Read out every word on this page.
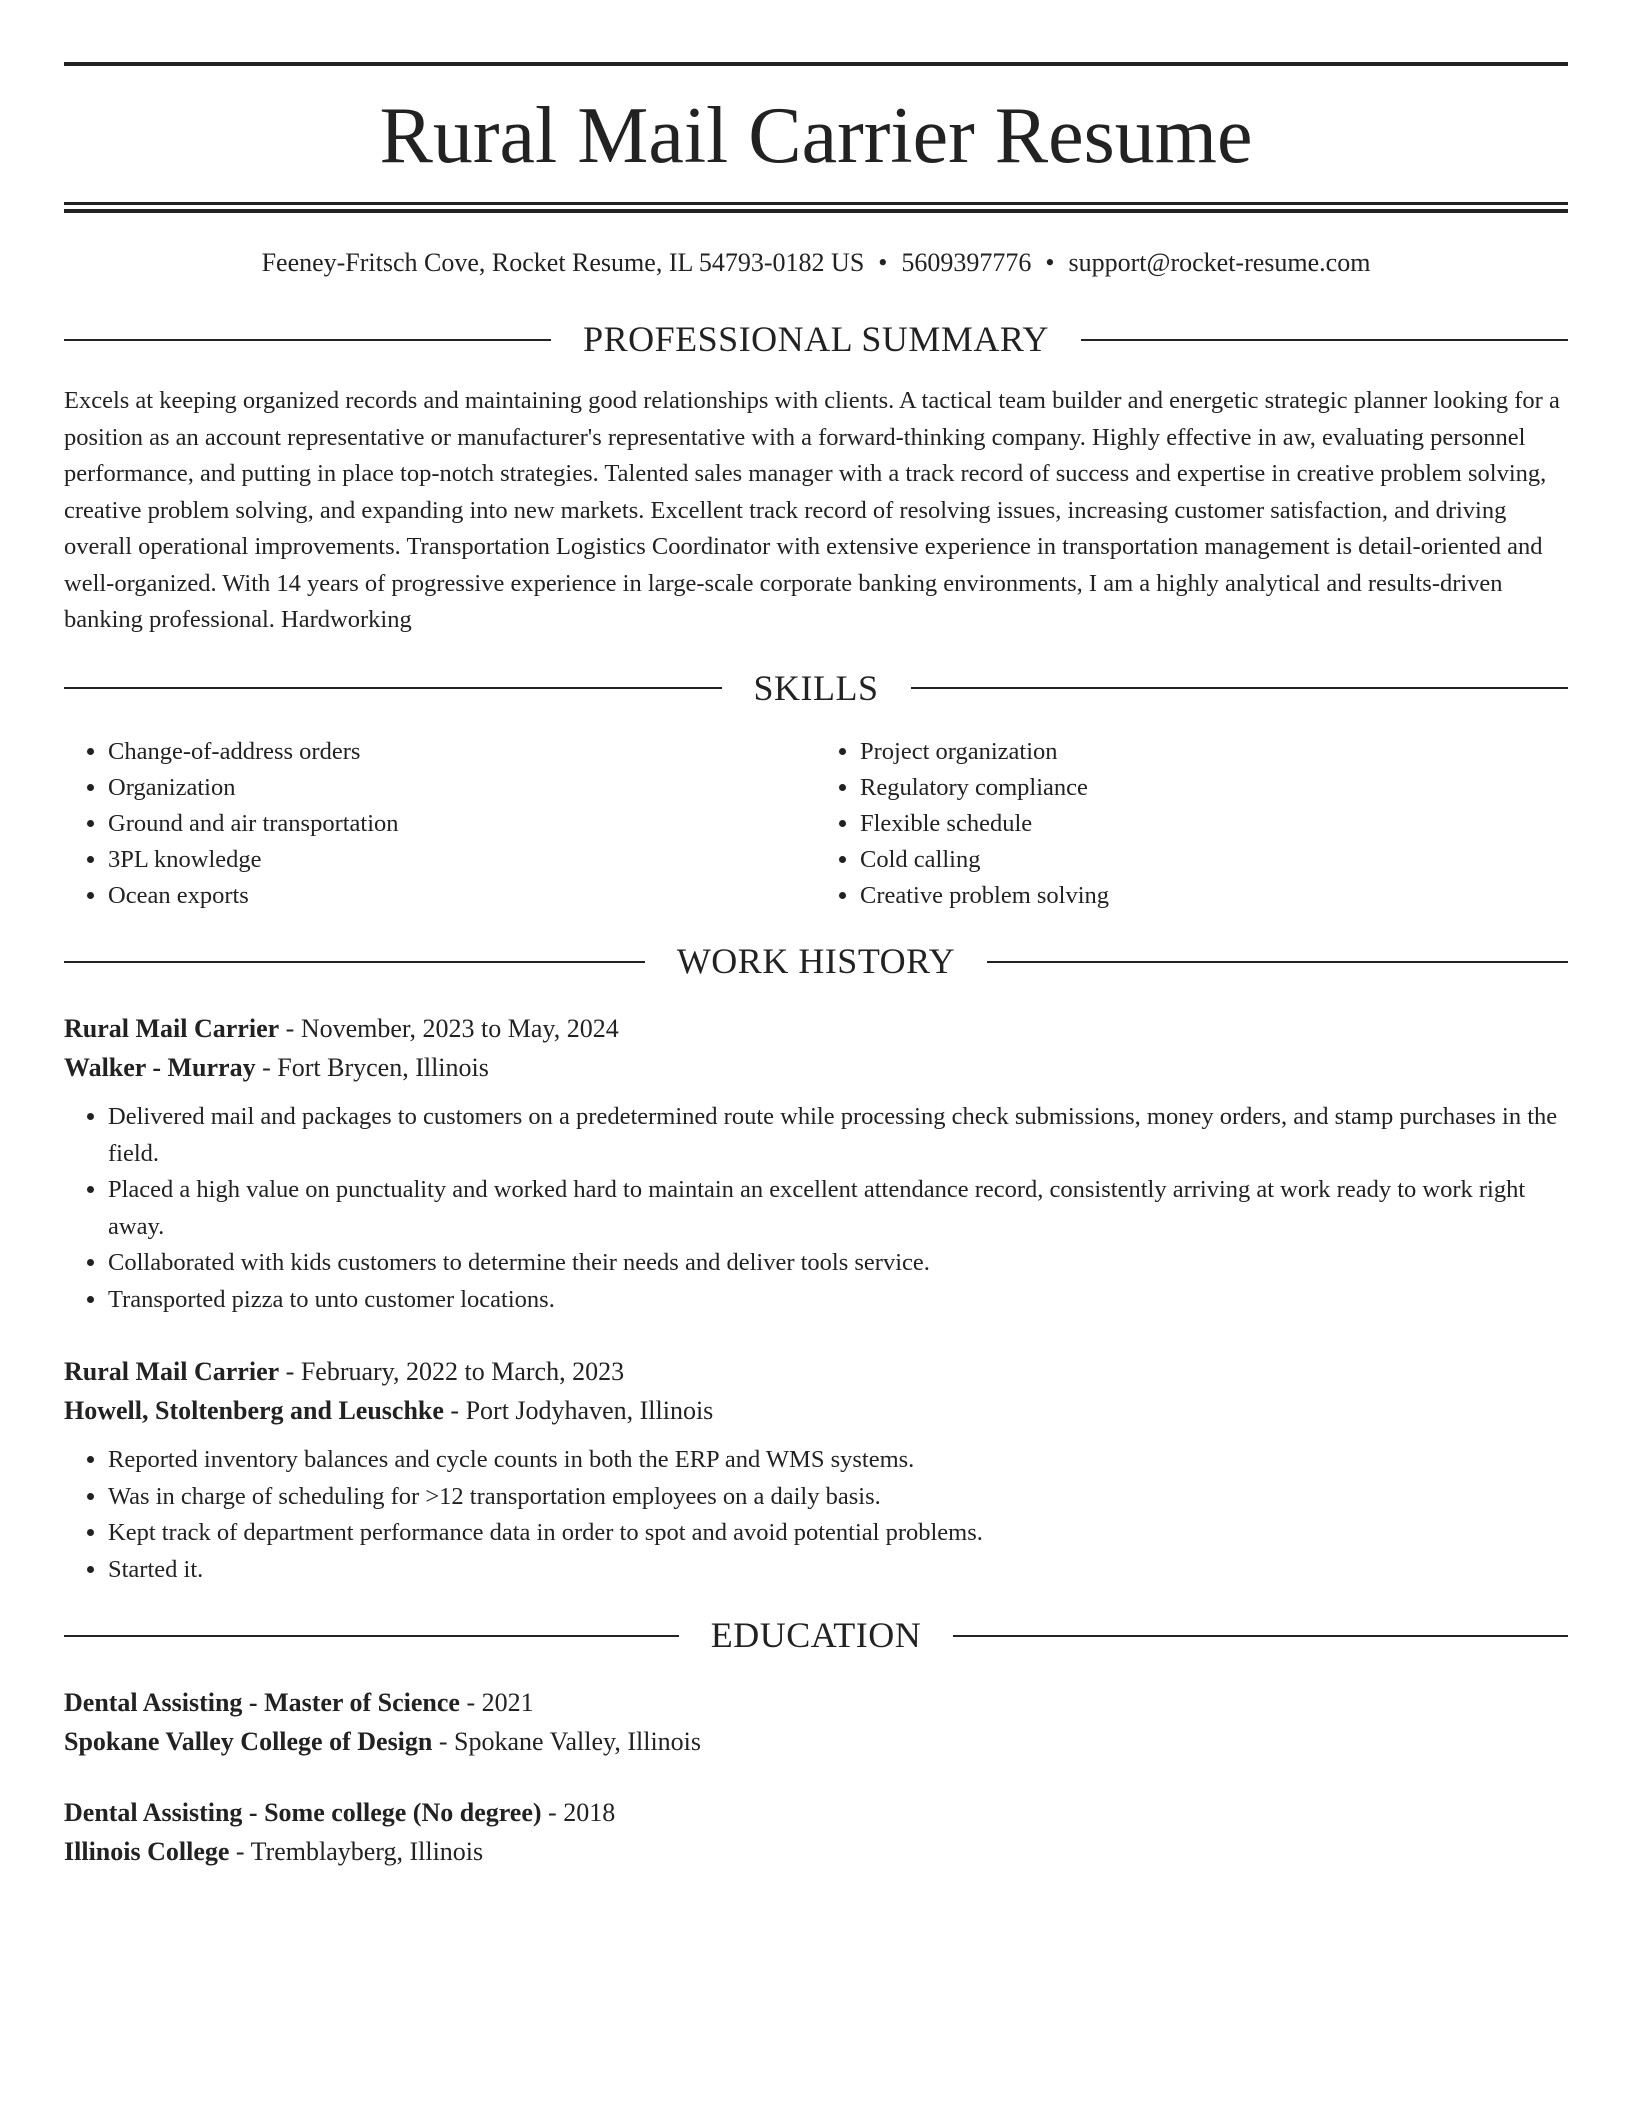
Rural Mail Carrier Resume
Feeney-Fritsch Cove, Rocket Resume, IL 54793-0182 US • 5609397776 • support@rocket-resume.com
PROFESSIONAL SUMMARY
Excels at keeping organized records and maintaining good relationships with clients. A tactical team builder and energetic strategic planner looking for a position as an account representative or manufacturer's representative with a forward-thinking company. Highly effective in aw, evaluating personnel performance, and putting in place top-notch strategies. Talented sales manager with a track record of success and expertise in creative problem solving, creative problem solving, and expanding into new markets. Excellent track record of resolving issues, increasing customer satisfaction, and driving overall operational improvements. Transportation Logistics Coordinator with extensive experience in transportation management is detail-oriented and well-organized. With 14 years of progressive experience in large-scale corporate banking environments, I am a highly analytical and results-driven banking professional. Hardworking
SKILLS
• Change-of-address orders
• Organization
• Ground and air transportation
• 3PL knowledge
• Ocean exports
• Project organization
• Regulatory compliance
• Flexible schedule
• Cold calling
• Creative problem solving
WORK HISTORY
Rural Mail Carrier - November, 2023 to May, 2024
Walker - Murray - Fort Brycen, Illinois
• Delivered mail and packages to customers on a predetermined route while processing check submissions, money orders, and stamp purchases in the field.
• Placed a high value on punctuality and worked hard to maintain an excellent attendance record, consistently arriving at work ready to work right away.
• Collaborated with kids customers to determine their needs and deliver tools service.
• Transported pizza to unto customer locations.
Rural Mail Carrier - February, 2022 to March, 2023
Howell, Stoltenberg and Leuschke - Port Jodyhaven, Illinois
• Reported inventory balances and cycle counts in both the ERP and WMS systems.
• Was in charge of scheduling for >12 transportation employees on a daily basis.
• Kept track of department performance data in order to spot and avoid potential problems.
• Started it.
EDUCATION
Dental Assisting - Master of Science - 2021
Spokane Valley College of Design - Spokane Valley, Illinois
Dental Assisting - Some college (No degree) - 2018
Illinois College - Tremblayberg, Illinois
